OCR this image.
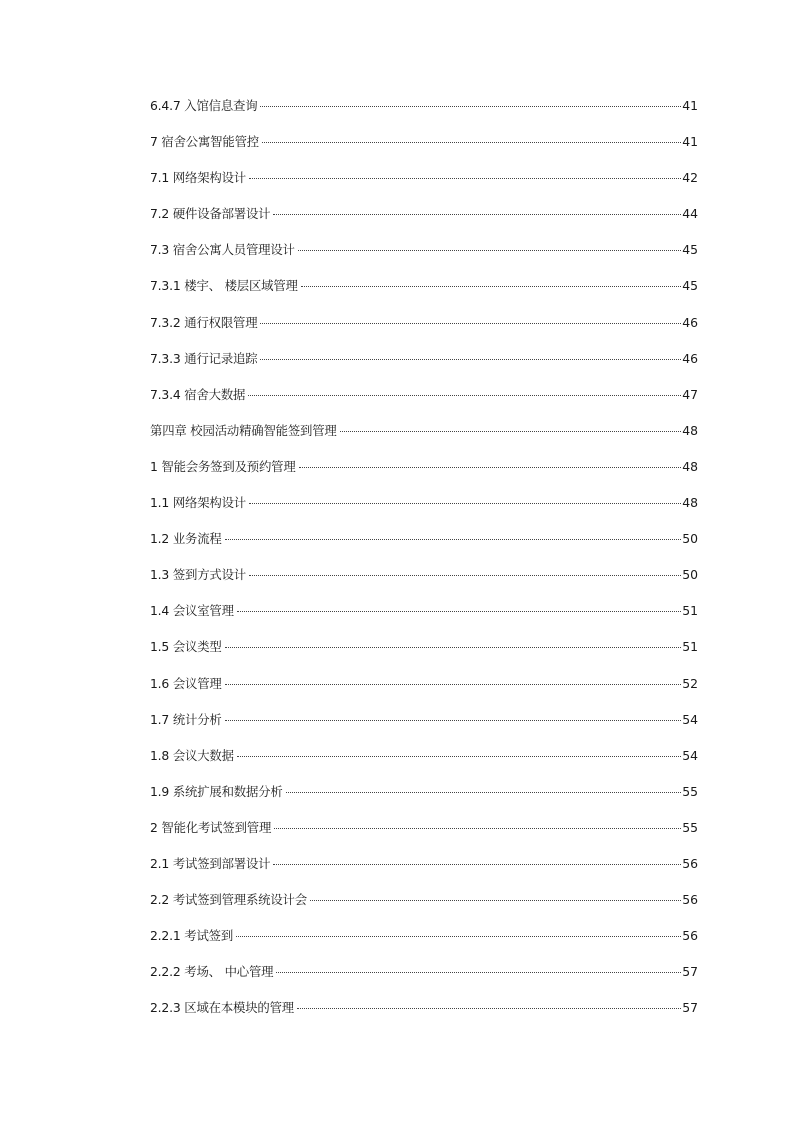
6.4.7 入馆信息查询	41
7 宿舍公寓智能管控	41
7.1 网络架构设计	42
7.2 硬件设备部署设计	44
7.3 宿舍公寓人员管理设计	45
7.3.1 楼宇、 楼层区域管理	45
7.3.2 通行权限管理	46
7.3.3 通行记录追踪	46
7.3.4 宿舍大数据	47
第四章 校园活动精确智能签到管理	48
1 智能会务签到及预约管理	48
1.1 网络架构设计	48
1.2 业务流程	50
1.3 签到方式设计	50
1.4 会议室管理	51
1.5 会议类型	51
1.6 会议管理	52
1.7 统计分析	54
1.8 会议大数据	54
1.9 系统扩展和数据分析	55
2 智能化考试签到管理	55
2.1 考试签到部署设计	56
2.2 考试签到管理系统设计会	56
2.2.1 考试签到	56
2.2.2 考场、 中心管理	57
2.2.3 区域在本模块的管理	57
